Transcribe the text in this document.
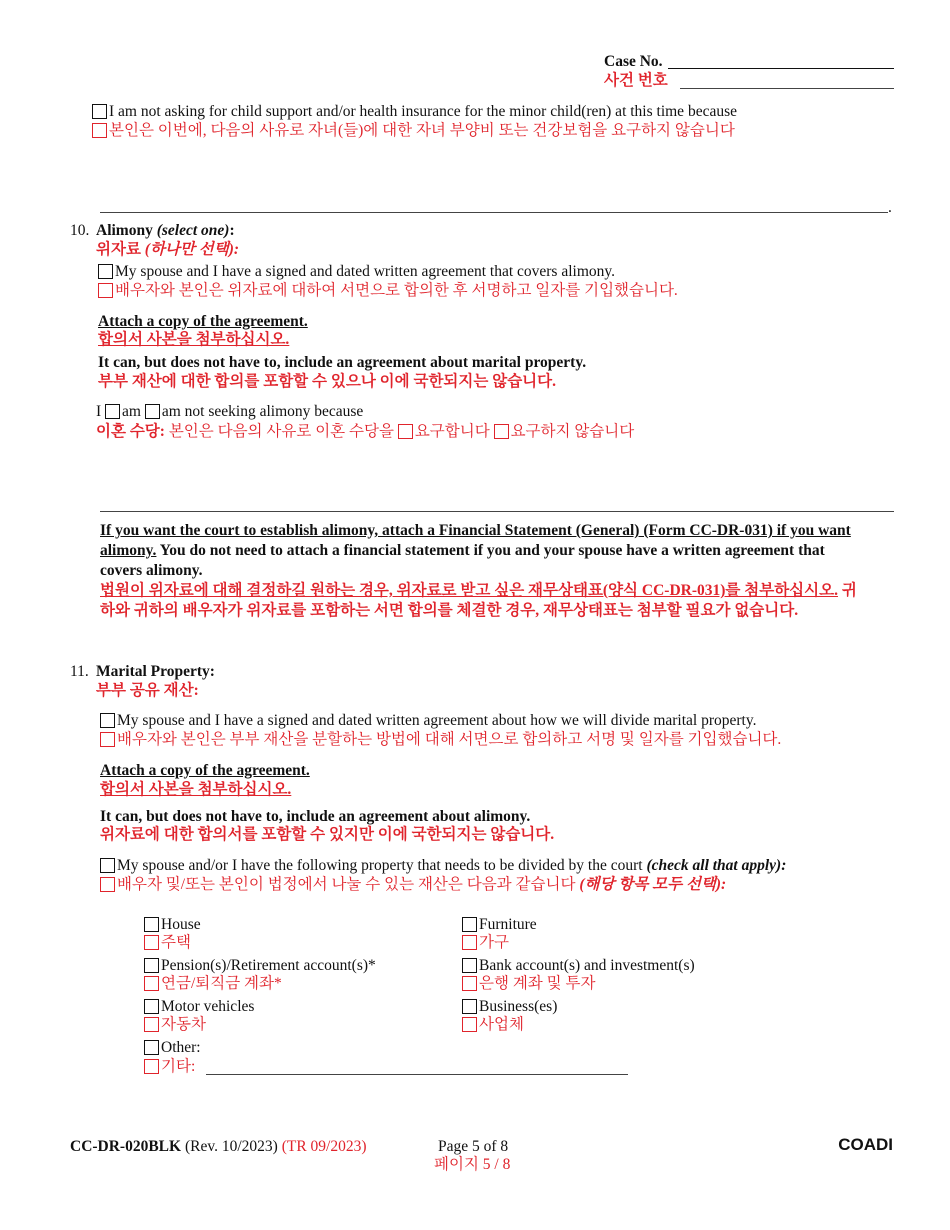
Case No.
사건 번호
I am not asking for child support and/or health insurance for the minor child(ren) at this time because
본인은 이번에, 다음의 사유로 자녀(들)에 대한 자녀 부양비 또는 건강보험을 요구하지 않습니다
.
10. Alimony (select one):
위자료 (하나만 선택):
My spouse and I have a signed and dated written agreement that covers alimony.
배우자와 본인은 위자료에 대하여 서면으로 합의한 후 서명하고 일자를 기입했습니다.
Attach a copy of the agreement.
합의서 사본을 첨부하십시오.
It can, but does not have to, include an agreement about marital property.
부부 재산에 대한 합의를 포함할 수 있으나 이에 국한되지는 않습니다.
I am am not seeking alimony because
이혼 수당: 본인은 다음의 사유로 이혼 수당을 요구합니다 요구하지 않습니다
If you want the court to establish alimony, attach a Financial Statement (General) (Form CC-DR-031) if you want alimony. You do not need to attach a financial statement if you and your spouse have a written agreement that covers alimony.
법원이 위자료에 대해 결정하길 원하는 경우, 위자료로 받고 싶은 재무상태표(양식 CC-DR-031)를 첨부하십시오. 귀하와 귀하의 배우자가 위자료를 포함하는 서면 합의를 체결한 경우, 재무상태표는 첨부할 필요가 없습니다.
11. Marital Property:
부부 공유 재산:
My spouse and I have a signed and dated written agreement about how we will divide marital property.
배우자와 본인은 부부 재산을 분할하는 방법에 대해 서면으로 합의하고 서명 및 일자를 기입했습니다.
Attach a copy of the agreement.
합의서 사본을 첨부하십시오.
It can, but does not have to, include an agreement about alimony.
위자료에 대한 합의서를 포함할 수 있지만 이에 국한되지는 않습니다.
My spouse and/or I have the following property that needs to be divided by the court (check all that apply):
배우자 및/또는 본인이 법정에서 나눌 수 있는 재산은 다음과 같습니다 (해당 항목 모두 선택):
House
주택
Furniture
가구
Pension(s)/Retirement account(s)*
연금/퇴직금 계좌*
Bank account(s) and investment(s)
은행 계좌 및 투자
Motor vehicles
자동차
Business(es)
사업체
Other:
기타:
CC-DR-020BLK (Rev. 10/2023) (TR 09/2023)	Page 5 of 8
페이지 5 / 8
COADI
